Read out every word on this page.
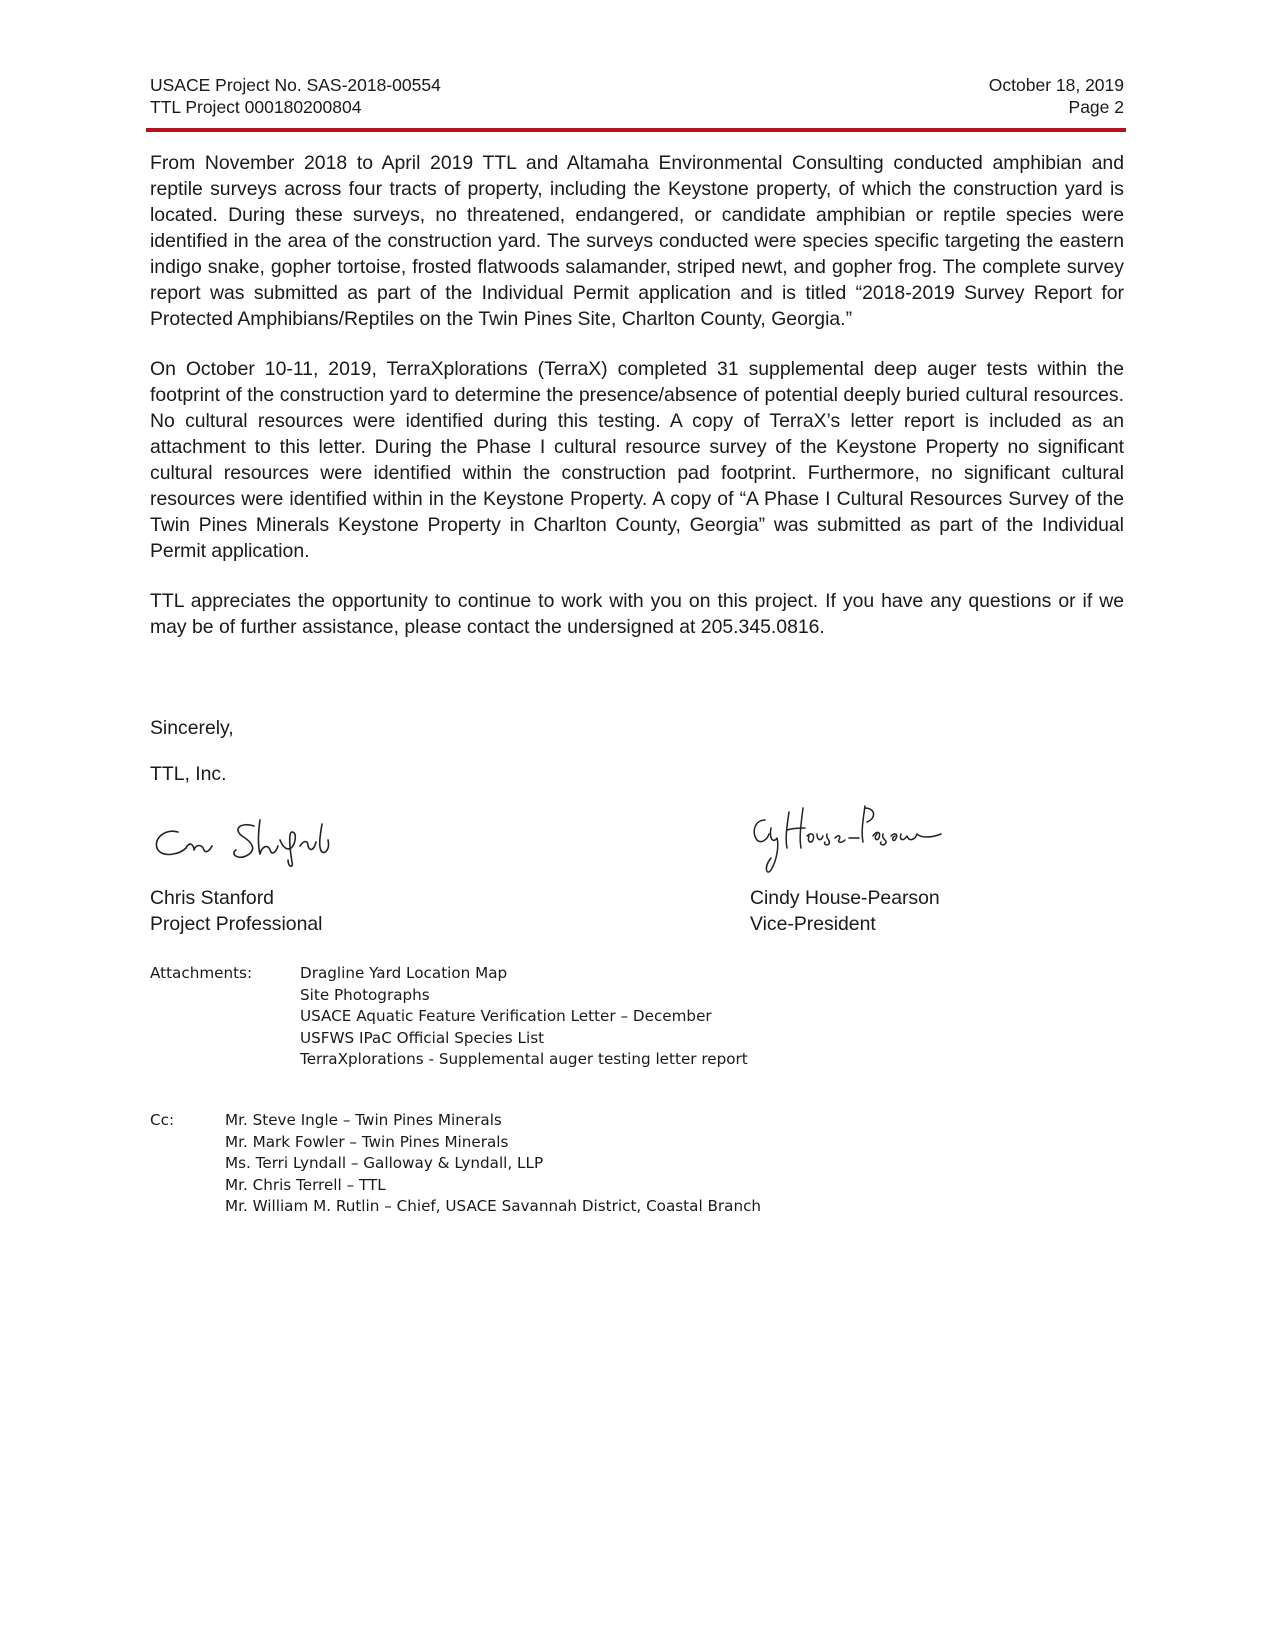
USACE Project No. SAS-2018-00554	October 18, 2019
TTL Project 000180200804	Page 2

From November 2018 to April 2019 TTL and Altamaha Environmental Consulting conducted amphibian and reptile surveys across four tracts of property, including the Keystone property, of which the construction yard is located. During these surveys, no threatened, endangered, or candidate amphibian or reptile species were identified in the area of the construction yard. The surveys conducted were species specific targeting the eastern indigo snake, gopher tortoise, frosted flatwoods salamander, striped newt, and gopher frog. The complete survey report was submitted as part of the Individual Permit application and is titled “2018-2019 Survey Report for Protected Amphibians/Reptiles on the Twin Pines Site, Charlton County, Georgia.”

On October 10-11, 2019, TerraXplorations (TerraX) completed 31 supplemental deep auger tests within the footprint of the construction yard to determine the presence/absence of potential deeply buried cultural resources. No cultural resources were identified during this testing. A copy of TerraX’s letter report is included as an attachment to this letter. During the Phase I cultural resource survey of the Keystone Property no significant cultural resources were identified within the construction pad footprint. Furthermore, no significant cultural resources were identified within in the Keystone Property. A copy of “A Phase I Cultural Resources Survey of the Twin Pines Minerals Keystone Property in Charlton County, Georgia” was submitted as part of the Individual Permit application.

TTL appreciates the opportunity to continue to work with you on this project. If you have any questions or if we may be of further assistance, please contact the undersigned at 205.345.0816.

Sincerely,
TTL, Inc.
Chris Stanford
Project Professional
Cindy House-Pearson
Vice-President
Attachments:	Dragline Yard Location Map
Site Photographs
USACE Aquatic Feature Verification Letter – December
USFWS IPaC Official Species List
TerraXplorations - Supplemental auger testing letter report
Cc:	Mr. Steve Ingle – Twin Pines Minerals
Mr. Mark Fowler – Twin Pines Minerals
Ms. Terri Lyndall – Galloway & Lyndall, LLP
Mr. Chris Terrell – TTL
Mr. William M. Rutlin – Chief, USACE Savannah District, Coastal Branch
